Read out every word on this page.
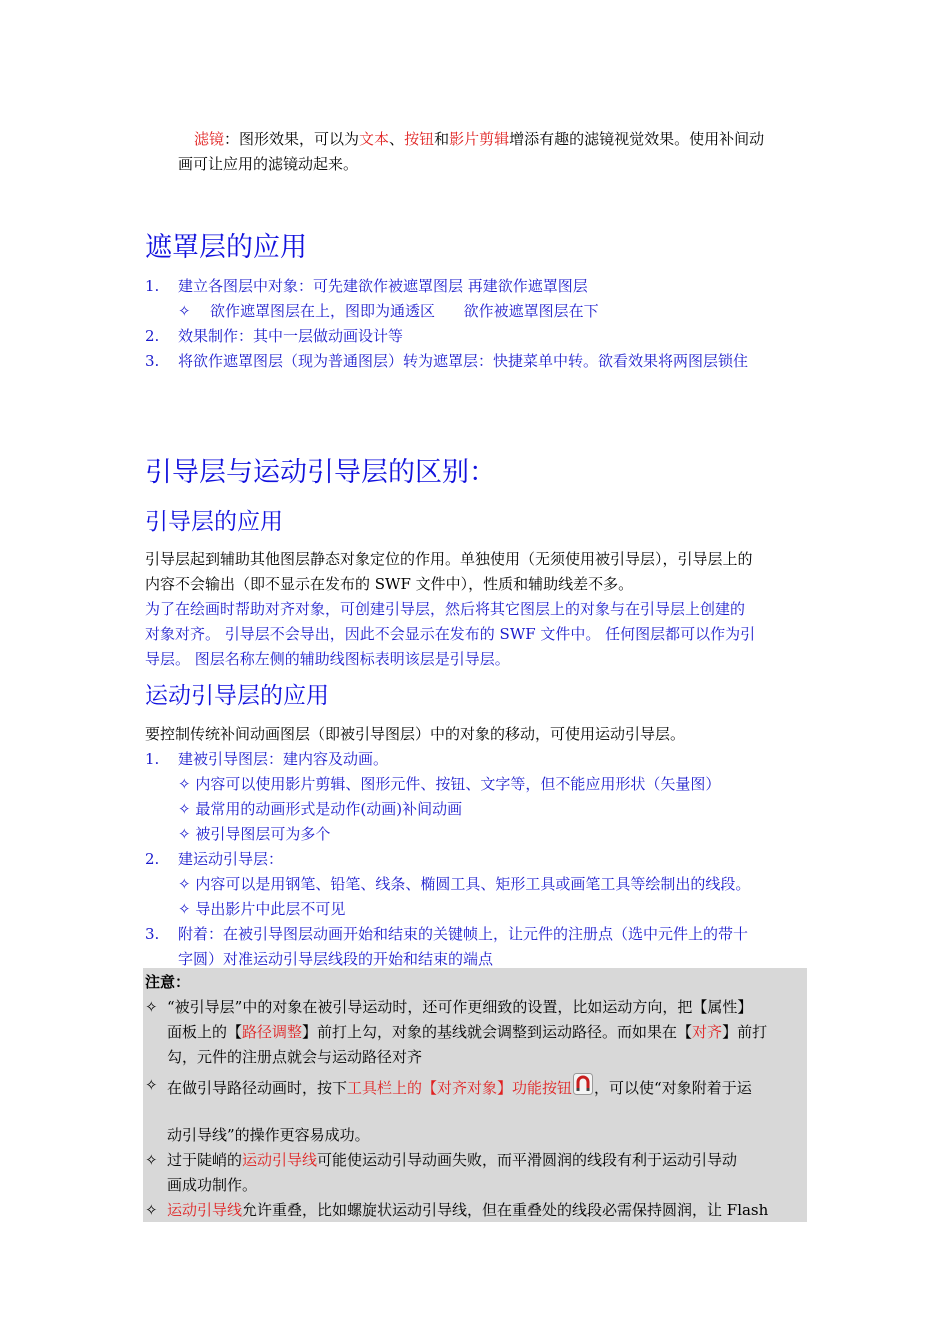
滤镜：图形效果，可以为文本、按钮和影片剪辑增添有趣的滤镜视觉效果。使用补间动
画可让应用的滤镜动起来。
遮罩层的应用
1. 建立各图层中对象：可先建欲作被遮罩图层 再建欲作遮罩图层
✧ 欲作遮罩图层在上，图即为通透区      欲作被遮罩图层在下
2. 效果制作：其中一层做动画设计等
3. 将欲作遮罩图层（现为普通图层）转为遮罩层：快捷菜单中转。欲看效果将两图层锁住
引导层与运动引导层的区别：
引导层的应用
引导层起到辅助其他图层静态对象定位的作用。单独使用（无须使用被引导层），引导层上的
内容不会输出（即不显示在发布的 SWF 文件中），性质和辅助线差不多。
为了在绘画时帮助对齐对象，可创建引导层，然后将其它图层上的对象与在引导层上创建的
对象对齐。 引导层不会导出，因此不会显示在发布的 SWF 文件中。 任何图层都可以作为引
导层。 图层名称左侧的辅助线图标表明该层是引导层。
运动引导层的应用
要控制传统补间动画图层（即被引导图层）中的对象的移动，可使用运动引导层。
1. 建被引导图层：建内容及动画。
✧ 内容可以使用影片剪辑、图形元件、按钮、文字等，但不能应用形状（矢量图）
✧ 最常用的动画形式是动作(动画)补间动画
✧ 被引导图层可为多个
2. 建运动引导层：
✧ 内容可以是用钢笔、铅笔、线条、椭圆工具、矩形工具或画笔工具等绘制出的线段。
✧ 导出影片中此层不可见
3. 附着：在被引导图层动画开始和结束的关键帧上，让元件的注册点（选中元件上的带十
字圆）对准运动引导层线段的开始和结束的端点
注意：
✧ “被引导层”中的对象在被引导运动时，还可作更细致的设置，比如运动方向，把【属性】
面板上的【路径调整】前打上勾，对象的基线就会调整到运动路径。而如果在【对齐】前打
勾，元件的注册点就会与运动路径对齐
✧ 在做引导路径动画时，按下工具栏上的【对齐对象】功能按钮 ，可以使“对象附着于运
动引导线”的操作更容易成功。
✧ 过于陡峭的运动引导线可能使运动引导动画失败，而平滑圆润的线段有利于运动引导动
画成功制作。
✧ 运动引导线允许重叠，比如螺旋状运动引导线，但在重叠处的线段必需保持圆润，让 Flash
